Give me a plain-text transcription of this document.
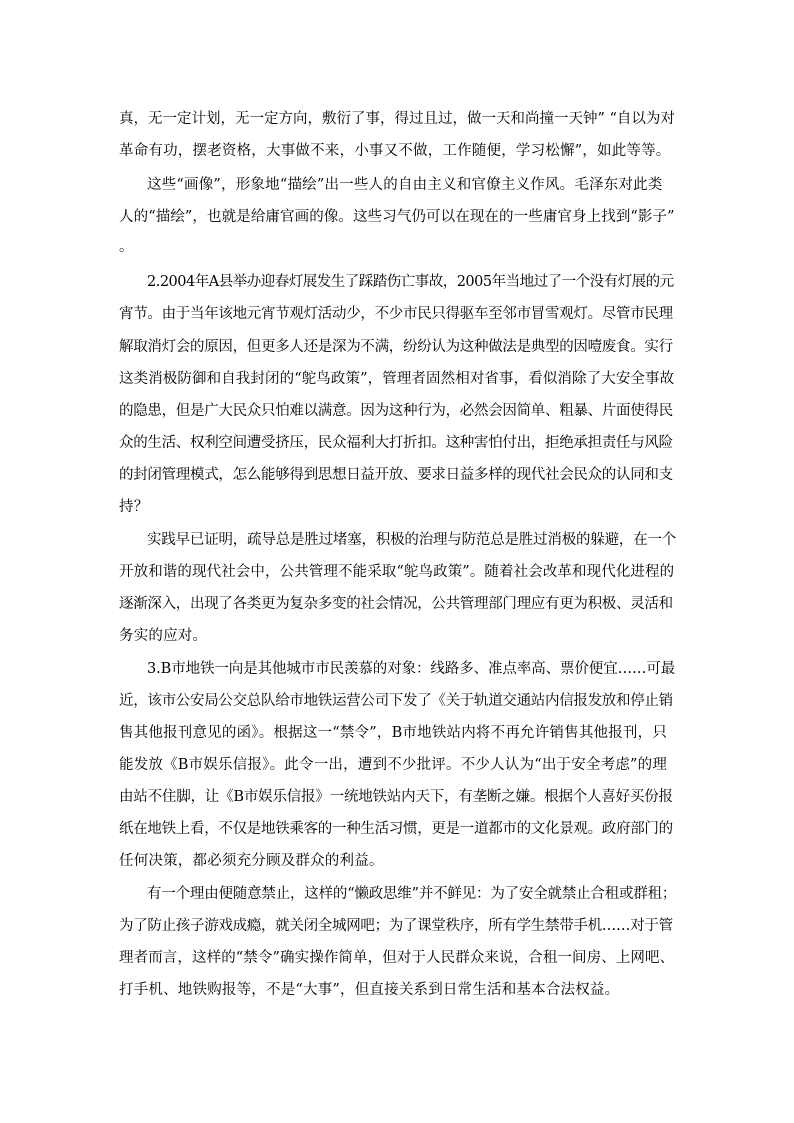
真，无一定计划，无一定方向，敷衍了事，得过且过，做一天和尚撞一天钟” “自以为对
革命有功，摆老资格，大事做不来，小事又不做，工作随便，学习松懈”，如此等等。
这些“画像”，形象地“描绘”出一些人的自由主义和官僚主义作风。毛泽东对此类
人的“描绘”，也就是给庸官画的像。这些习气仍可以在现在的一些庸官身上找到“影子”
。
2.2004年A县举办迎春灯展发生了踩踏伤亡事故，2005年当地过了一个没有灯展的元
宵节。由于当年该地元宵节观灯活动少，不少市民只得驱车至邻市冒雪观灯。尽管市民理
解取消灯会的原因，但更多人还是深为不满，纷纷认为这种做法是典型的因噎废食。实行
这类消极防御和自我封闭的“鸵鸟政策”，管理者固然相对省事，看似消除了大安全事故
的隐患，但是广大民众只怕难以满意。因为这种行为，必然会因简单、粗暴、片面使得民
众的生活、权利空间遭受挤压，民众福利大打折扣。这种害怕付出，拒绝承担责任与风险
的封闭管理模式，怎么能够得到思想日益开放、要求日益多样的现代社会民众的认同和支
持？
实践早已证明，疏导总是胜过堵塞，积极的治理与防范总是胜过消极的躲避，在一个
开放和谐的现代社会中，公共管理不能采取“鸵鸟政策”。随着社会改革和现代化进程的
逐渐深入，出现了各类更为复杂多变的社会情况，公共管理部门理应有更为积极、灵活和
务实的应对。
3.B市地铁一向是其他城市市民羡慕的对象：线路多、准点率高、票价便宜……可最
近，该市公安局公交总队给市地铁运营公司下发了《关于轨道交通站内信报发放和停止销
售其他报刊意见的函》。根据这一“禁令”，B市地铁站内将不再允许销售其他报刊，只
能发放《B市娱乐信报》。此令一出，遭到不少批评。不少人认为“出于安全考虑”的理
由站不住脚，让《B市娱乐信报》一统地铁站内天下，有垄断之嫌。根据个人喜好买份报
纸在地铁上看，不仅是地铁乘客的一种生活习惯，更是一道都市的文化景观。政府部门的
任何决策，都必须充分顾及群众的利益。
有一个理由便随意禁止，这样的“懒政思维”并不鲜见：为了安全就禁止合租或群租；
为了防止孩子游戏成瘾，就关闭全城网吧；为了课堂秩序，所有学生禁带手机……对于管
理者而言，这样的“禁令”确实操作简单，但对于人民群众来说，合租一间房、上网吧、
打手机、地铁购报等，不是“大事”，但直接关系到日常生活和基本合法权益。
